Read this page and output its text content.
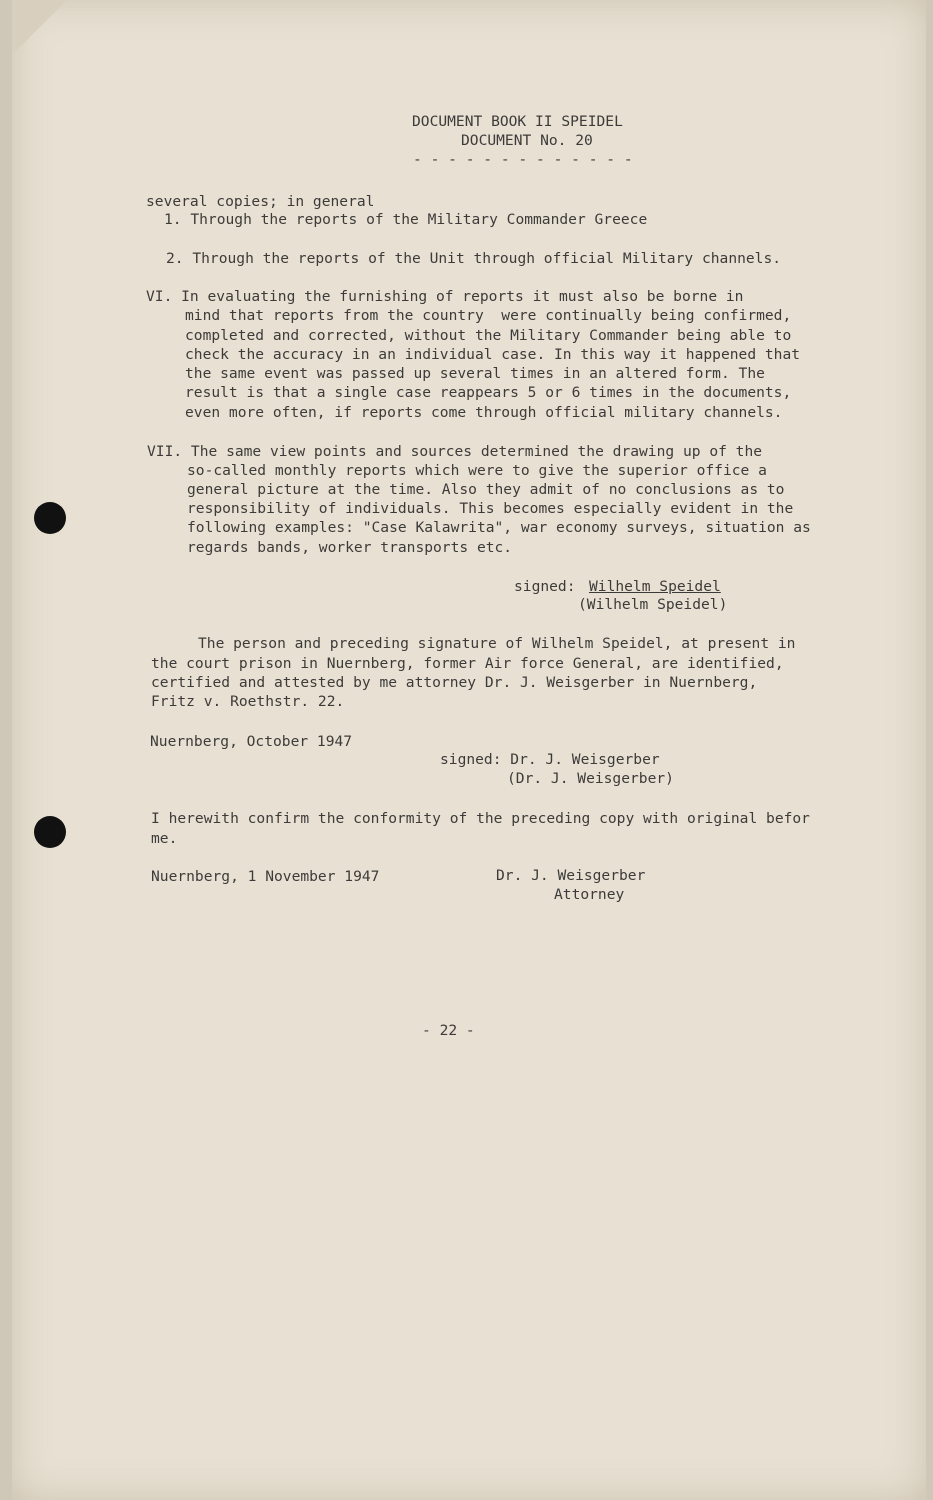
DOCUMENT BOOK II SPEIDEL
DOCUMENT No. 20
- - - - - - - - - - - - -
several copies; in general
1. Through the reports of the Military Commander Greece
2. Through the reports of the Unit through official Military channels.
VI. In evaluating the furnishing of reports it must also be borne in
mind that reports from the country  were continually being confirmed,
completed and corrected, without the Military Commander being able to
check the accuracy in an individual case. In this way it happened that
the same event was passed up several times in an altered form. The
result is that a single case reappears 5 or 6 times in the documents,
even more often, if reports come through official military channels.
VII. The same view points and sources determined the drawing up of the
so-called monthly reports which were to give the superior office a
general picture at the time. Also they admit of no conclusions as to
responsibility of individuals. This becomes especially evident in the
following examples: "Case Kalawrita", war economy surveys, situation as
regards bands, worker transports etc.
signed: Wilhelm Speidel
(Wilhelm Speidel)
The person and preceding signature of Wilhelm Speidel, at present in
the court prison in Nuernberg, former Air force General, are identified,
certified and attested by me attorney Dr. J. Weisgerber in Nuernberg,
Fritz v. Roethstr. 22.
Nuernberg, October 1947
signed: Dr. J. Weisgerber
(Dr. J. Weisgerber)
I herewith confirm the conformity of the preceding copy with original befor
me.
Nuernberg, 1 November 1947	Dr. J. Weisgerber
Attorney
- 22 -
